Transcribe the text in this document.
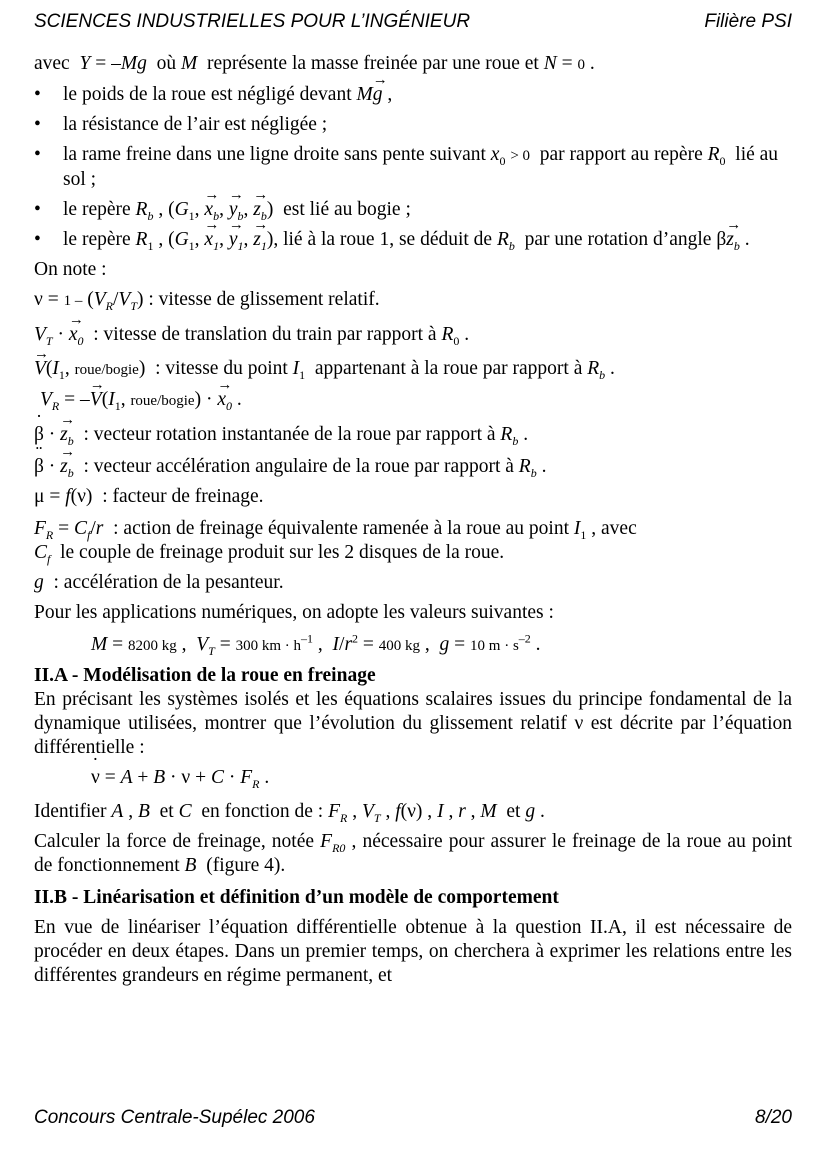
SCIENCES INDUSTRIELLES POUR L’INGÉNIEUR	Filière PSI

avec Y = –Mg où M représente la masse freinée par une roue et N = 0 .

•	le poids de la roue est négligé devant M→ g ,
•	la résistance de l’air est négligée ;
•	la rame freine dans une ligne droite sans pente suivant $x_0 > 0$ par rapport au repère $R_0$ lié au sol ;
•	le repère $R_b$ , ($G_1$, → $x_b$, → $y_b$, → $z_b$)  est lié au bogie ;
•	le repère $R_1$ , ($G_1$, → $x_1$, → $y_1$, → $z_1$), lié à la roue 1, se déduit de $R_b$ par une rotation d’angle $\beta\to z_b$ .

On note :

$\nu = 1 - (V_R/V_T)$ : vitesse de glissement relatif.

$V_T$ · → $x_0$ : vitesse de translation du train par rapport à $R_0$ .

→ $V(I_1$, roue/bogie)  : vitesse du point $I_1$ appartenant à la roue par rapport à $R_b$ .

$V_R$ = –→ $V(I_1$, roue/bogie) · → $x_0$ .

˙ β · → $z_b$ : vecteur rotation instantanée de la roue par rapport à $R_b$ .

¨ β · → $z_b$ : vecteur accélération angulaire de la roue par rapport à $R_b$ .

μ = f(ν)  : facteur de freinage.

$F_R = C_f/r$ : action de freinage équivalente ramenée à la roue au point $I_1$ , avec
$C_f$ le couple de freinage produit sur les 2 disques de la roue.

g : accélération de la pesanteur.

Pour les applications numériques, on adopte les valeurs suivantes :

M = 8200 kg ,  $V_T = 300$ km · $h^{-1}$ ,  $I/r^2 = 400$ kg ,  g = 10 $m \cdot s^{-2}$ .

II.A - Modélisation de la roue en freinage

En précisant les systèmes isolés et les équations scalaires issues du principe fondamental de la dynamique utilisées, montrer que l’évolution du glissement relatif ν est décrite par l’équation différentielle :

˙ $\nu = A + B \cdot \nu + C \cdot F_R$ .

Identifier A , B et C en fonction de : $F_R$ , $V_T$ , f(ν) , I , r , M et g .

Calculer la force de freinage, notée $F_{R0}$ , nécessaire pour assurer le freinage de la roue au point de fonctionnement B (figure 4).

II.B - Linéarisation et définition d’un modèle de comportement

En vue de linéariser l’équation différentielle obtenue à la question II.A, il est nécessaire de procéder en deux étapes. Dans un premier temps, on cherchera à exprimer les relations entre les différentes grandeurs en régime permanent, et

Concours Centrale-Supélec 2006	8/20
